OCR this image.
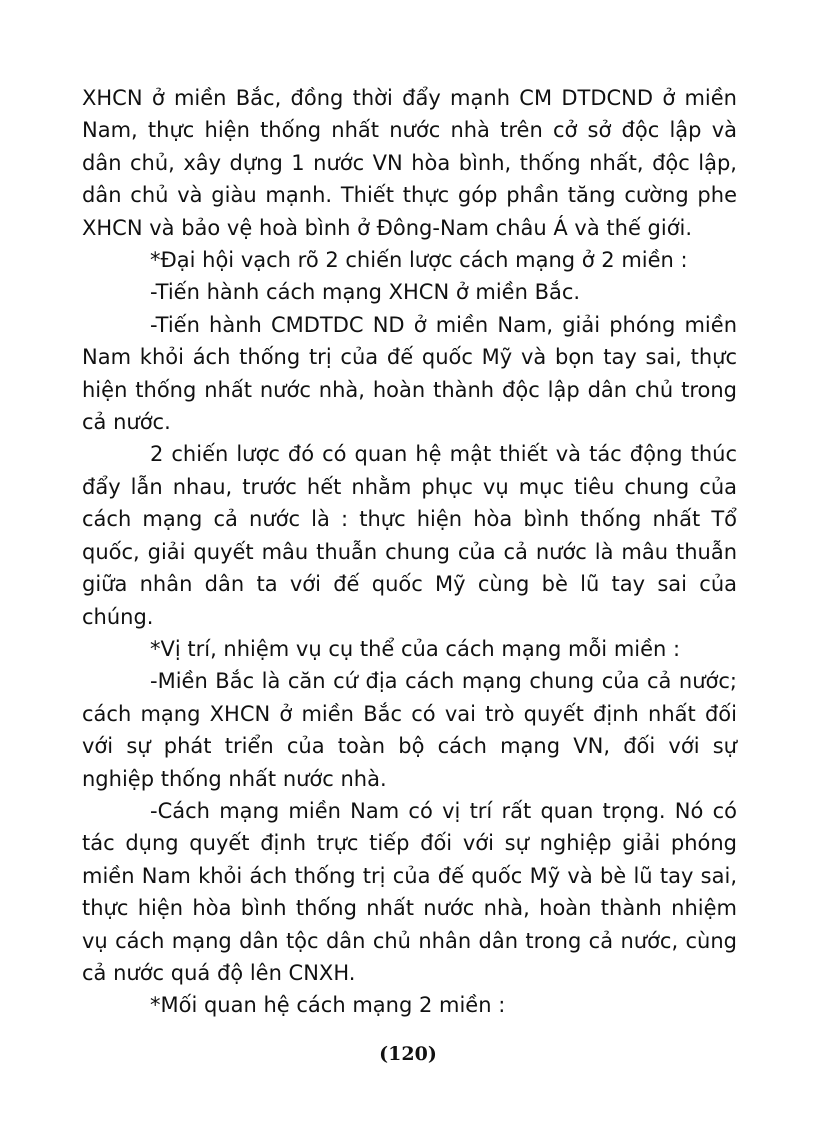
XHCN ở miền Bắc, đồng thời đẩy mạnh CM DTDCND ở miền Nam, thực hiện thống nhất nước nhà trên cở sở độc lập và dân chủ, xây dựng 1 nước VN hòa bình, thống nhất, độc lập, dân chủ và giàu mạnh. Thiết thực góp phần tăng cường phe XHCN và bảo vệ hoà bình ở Đông-Nam châu Á và thế giới.

*Đại hội vạch rõ 2 chiến lược cách mạng ở 2 miền :

-Tiến hành cách mạng XHCN ở miền Bắc.

-Tiến hành CMDTDC ND ở miền Nam, giải phóng miền Nam khỏi ách thống trị của đế quốc Mỹ và bọn tay sai, thực hiện thống nhất nước nhà, hoàn thành độc lập dân chủ trong cả nước.

2 chiến lược đó có quan hệ mật thiết và tác động thúc đẩy lẫn nhau, trước hết nhằm phục vụ mục tiêu chung của cách mạng cả nước là : thực hiện hòa bình thống nhất Tổ quốc, giải quyết mâu thuẫn chung của cả nước là mâu thuẫn giữa nhân dân ta với đế quốc Mỹ cùng bè lũ tay sai của chúng.

*Vị trí, nhiệm vụ cụ thể của cách mạng mỗi miền :

-Miền Bắc là căn cứ địa cách mạng chung của cả nước; cách mạng XHCN ở miền Bắc có vai trò quyết định nhất đối với sự phát triển của toàn bộ cách mạng VN, đối với sự nghiệp thống nhất nước nhà.

-Cách mạng miền Nam có vị trí rất quan trọng. Nó có tác dụng quyết định trực tiếp đối với sự nghiệp giải phóng miền Nam khỏi ách thống trị của đế quốc Mỹ và bè lũ tay sai, thực hiện hòa bình thống nhất nước nhà, hoàn thành nhiệm vụ cách mạng dân tộc dân chủ nhân dân trong cả nước, cùng cả nước quá độ lên CNXH.

*Mối quan hệ cách mạng 2 miền :

(120)
